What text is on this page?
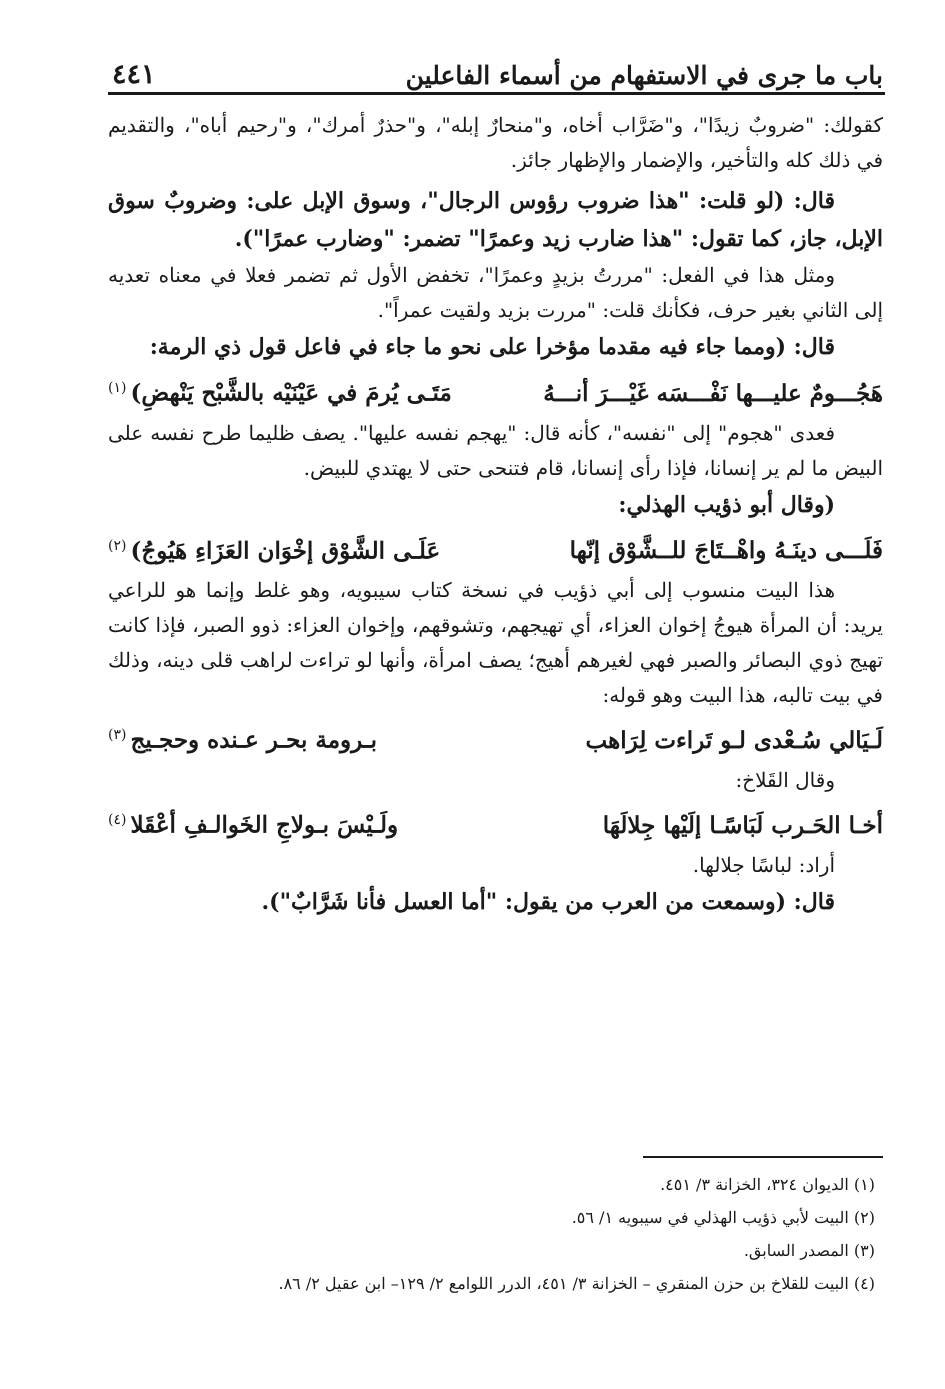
باب ما جرى في الاستفهام من أسماء الفاعلين
٤٤١

كقولك: "ضروبٌ زيدًا"، و"ضَرَّاب أخاه، و"منحارٌ إبله"، و"حذرٌ أمرك"، و"رحيم أباه"، والتقديم في ذلك كله والتأخير، والإضمار والإظهار جائز.

قال: (لو قلت: "هذا ضروب رؤوس الرجال"، وسوق الإبل على: وضروبٌ سوق الإبل، جاز، كما تقول: "هذا ضارب زيد وعمرًا" تضمر: "وضارب عمرًا").

ومثل هذا في الفعل: "مررتُ بزيدٍ وعمرًا"، تخفض الأول ثم تضمر فعلا في معناه تعديه إلى الثاني بغير حرف، فكأنك قلت: "مررت بزيد ولقيت عمراً".

قال: (ومما جاء فيه مقدما مؤخرا على نحو ما جاء في فاعل قول ذي الرمة:

هَجُـــومٌ عليـــها نَفْـــسَه غَيْـــرَ أنـــهُ
مَتَـى يُرمَ في عَيْنَيْه بالشَّبْح يَنْهضِ)$^{(١)}$

فعدى "هجوم" إلى "نفسه"، كأنه قال: "يهجم نفسه عليها". يصف ظليما طرح نفسه على البيض ما لم ير إنسانا، فإذا رأى إنسانا، قام فتنحى حتى لا يهتدي للبيض.

(وقال أبو ذؤيب الهذلي:

فَلَـــى دينَـهُ واهْــتَاجَ للــشَّوْق إنّها
عَلَـى الشَّوْق إخْوَان العَزَاءِ هَيُوجُ)$^{(٢)}$

هذا البيت منسوب إلى أبي ذؤيب في نسخة كتاب سيبويه، وهو غلط وإنما هو للراعي يريد: أن المرأة هيوجُ إخوان العزاء، أي تهيجهم، وتشوقهم، وإخوان العزاء: ذوو الصبر، فإذا كانت تهيج ذوي البصائر والصبر فهي لغيرهم أهيج؛ يصف امرأة، وأنها لو تراءت لراهب قلى دينه، وذلك في بيت تالبه، هذا البيت وهو قوله:

لَـيَالي سُـعْدى لـو تَراءت لِرَاهب
بـرومة بحـر عـنده وحجـيج$^{(٣)}$

وقال القَلاخ:

أخـا الحَـرب لَبَاسًـا إلَيْها جِلالَهَا
ولَـيْسَ بـولاجِ الخَوالـفِ أعْقَلا$^{(٤)}$

أراد: لباسًا جلالها.

قال: (وسمعت من العرب من يقول: "أما العسل فأنا شَرَّابٌ").

(١) الديوان ٣٢٤، الخزانة ٣/ ٤٥١.

(٢) البيت لأبي ذؤيب الهذلي في سيبويه ١/ ٥٦.

(٣) المصدر السابق.

(٤) البيت للقلاخ بن حزن المنقري – الخزانة ٣/ ٤٥١، الدرر اللوامع ٢/ ١٢٩– ابن عقيل ٢/ ٨٦.
